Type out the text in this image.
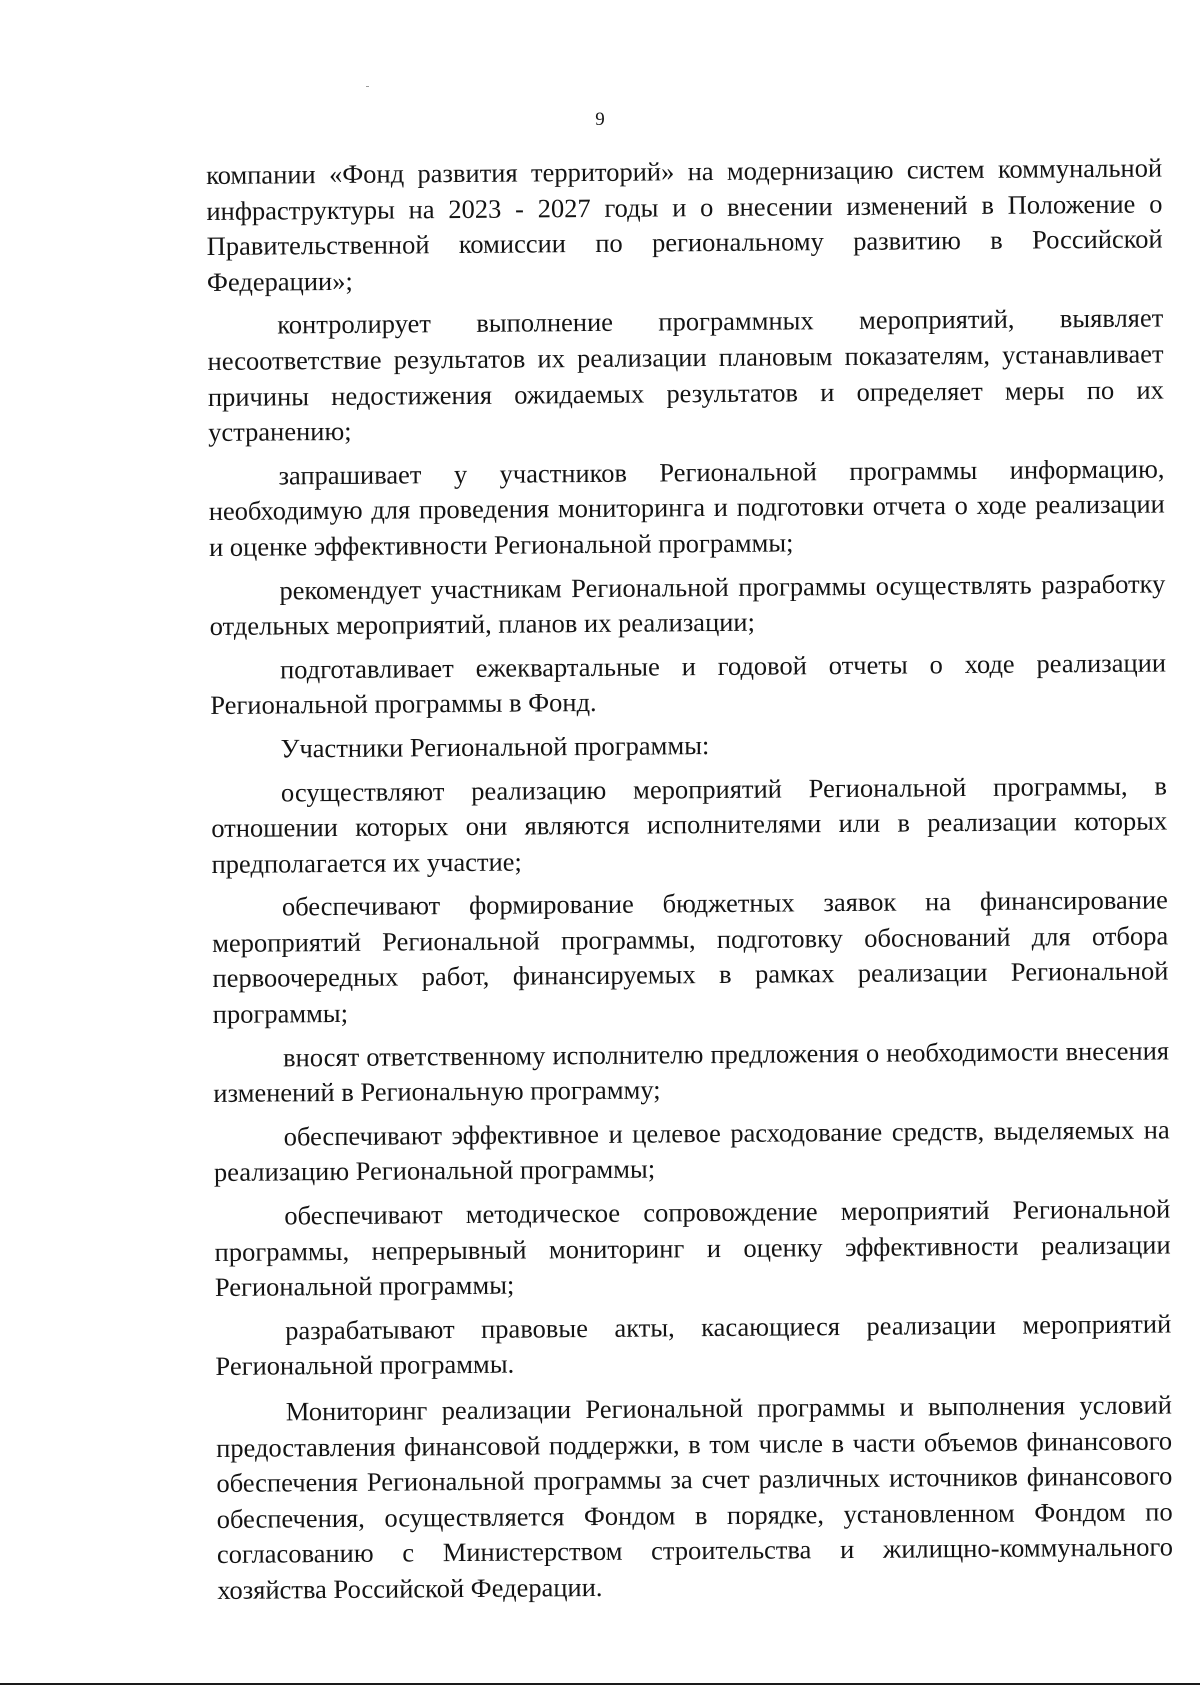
9

компании «Фонд развития территорий» на модернизацию систем коммунальной инфраструктуры на 2023 - 2027 годы и о внесении изменений в Положение о Правительственной комиссии по региональному развитию в Российской Федерации»;

контролирует выполнение программных мероприятий, выявляет несоответствие результатов их реализации плановым показателям, устанавливает причины недостижения ожидаемых результатов и определяет меры по их устранению;

запрашивает у участников Региональной программы информацию, необходимую для проведения мониторинга и подготовки отчета о ходе реализации и оценке эффективности Региональной программы;

рекомендует участникам Региональной программы осуществлять разработку отдельных мероприятий, планов их реализации;

подготавливает ежеквартальные и годовой отчеты о ходе реализации Региональной программы в Фонд.

Участники Региональной программы:

осуществляют реализацию мероприятий Региональной программы, в отношении которых они являются исполнителями или в реализации которых предполагается их участие;

обеспечивают формирование бюджетных заявок на финансирование мероприятий Региональной программы, подготовку обоснований для отбора первоочередных работ, финансируемых в рамках реализации Региональной программы;

вносят ответственному исполнителю предложения о необходимости внесения изменений в Региональную программу;

обеспечивают эффективное и целевое расходование средств, выделяемых на реализацию Региональной программы;

обеспечивают методическое сопровождение мероприятий Региональной программы, непрерывный мониторинг и оценку эффективности реализации Региональной программы;

разрабатывают правовые акты, касающиеся реализации мероприятий Региональной программы.

Мониторинг реализации Региональной программы и выполнения условий предоставления финансовой поддержки, в том числе в части объемов финансового обеспечения Региональной программы за счет различных источников финансового обеспечения, осуществляется Фондом в порядке, установленном Фондом по согласованию с Министерством строительства и жилищно-коммунального хозяйства Российской Федерации.
